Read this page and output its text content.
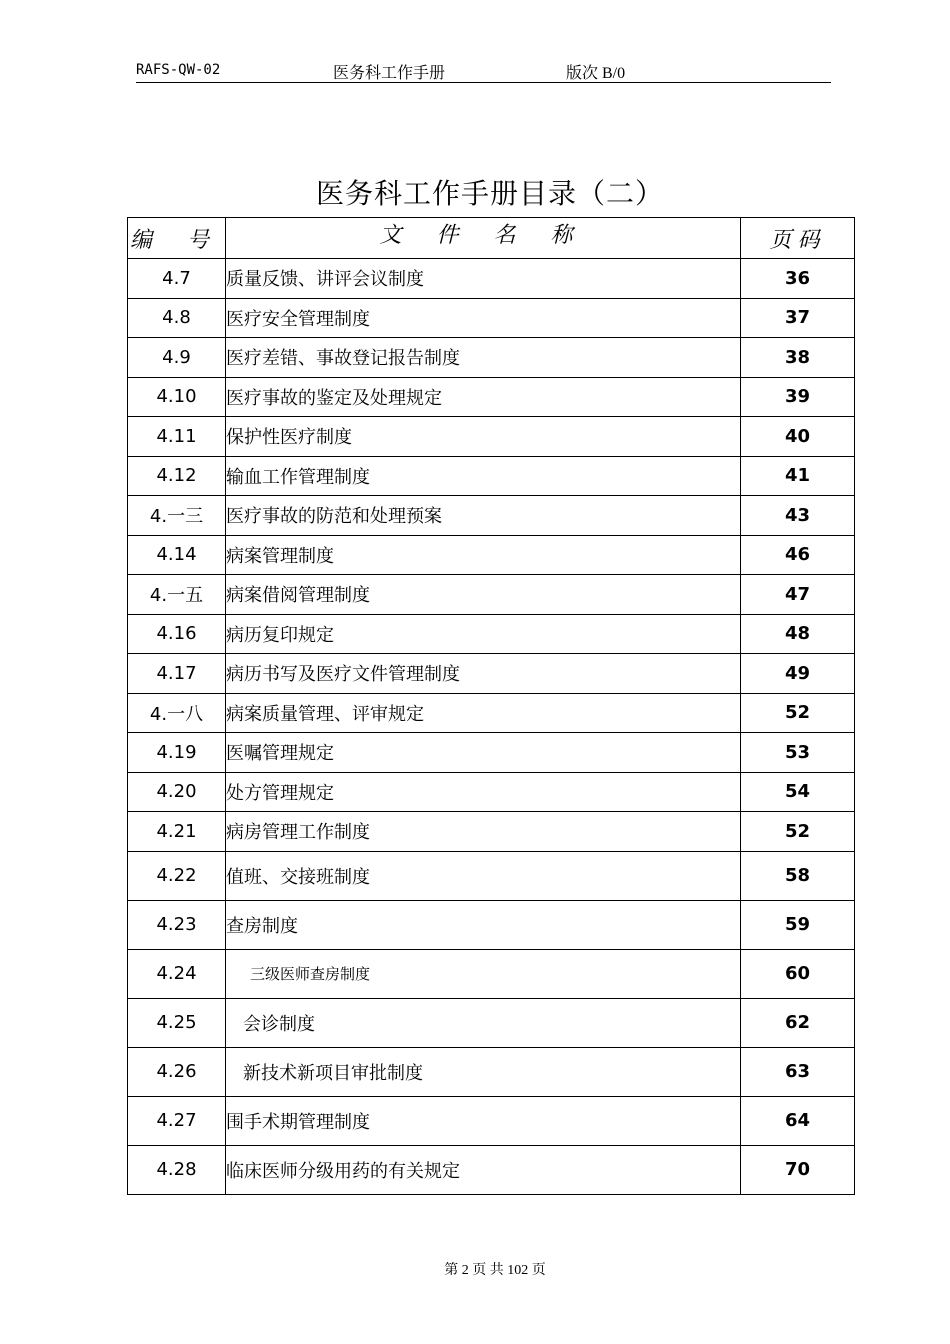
RAFS-QW-02	医务科工作手册	版次 B/0
医务科工作手册目录（二）
编 号	文 件 名 称	页码
4.7	质量反馈、讲评会议制度	36
4.8	医疗安全管理制度	37
4.9	医疗差错、事故登记报告制度	38
4.10	医疗事故的鉴定及处理规定	39
4.11	保护性医疗制度	40
4.12	输血工作管理制度	41
4.一三	医疗事故的防范和处理预案	43
4.14	病案管理制度	46
4.一五	病案借阅管理制度	47
4.16	病历复印规定	48
4.17	病历书写及医疗文件管理制度	49
4.一八	病案质量管理、评审规定	52
4.19	医嘱管理规定	53
4.20	处方管理规定	54
4.21	病房管理工作制度	52
4.22	值班、交接班制度	58
4.23	查房制度	59
4.24	三级医师查房制度	60
4.25	会诊制度	62
4.26	新技术新项目审批制度	63
4.27	围手术期管理制度	64
4.28	临床医师分级用药的有关规定	70
第 2 页 共 102 页
